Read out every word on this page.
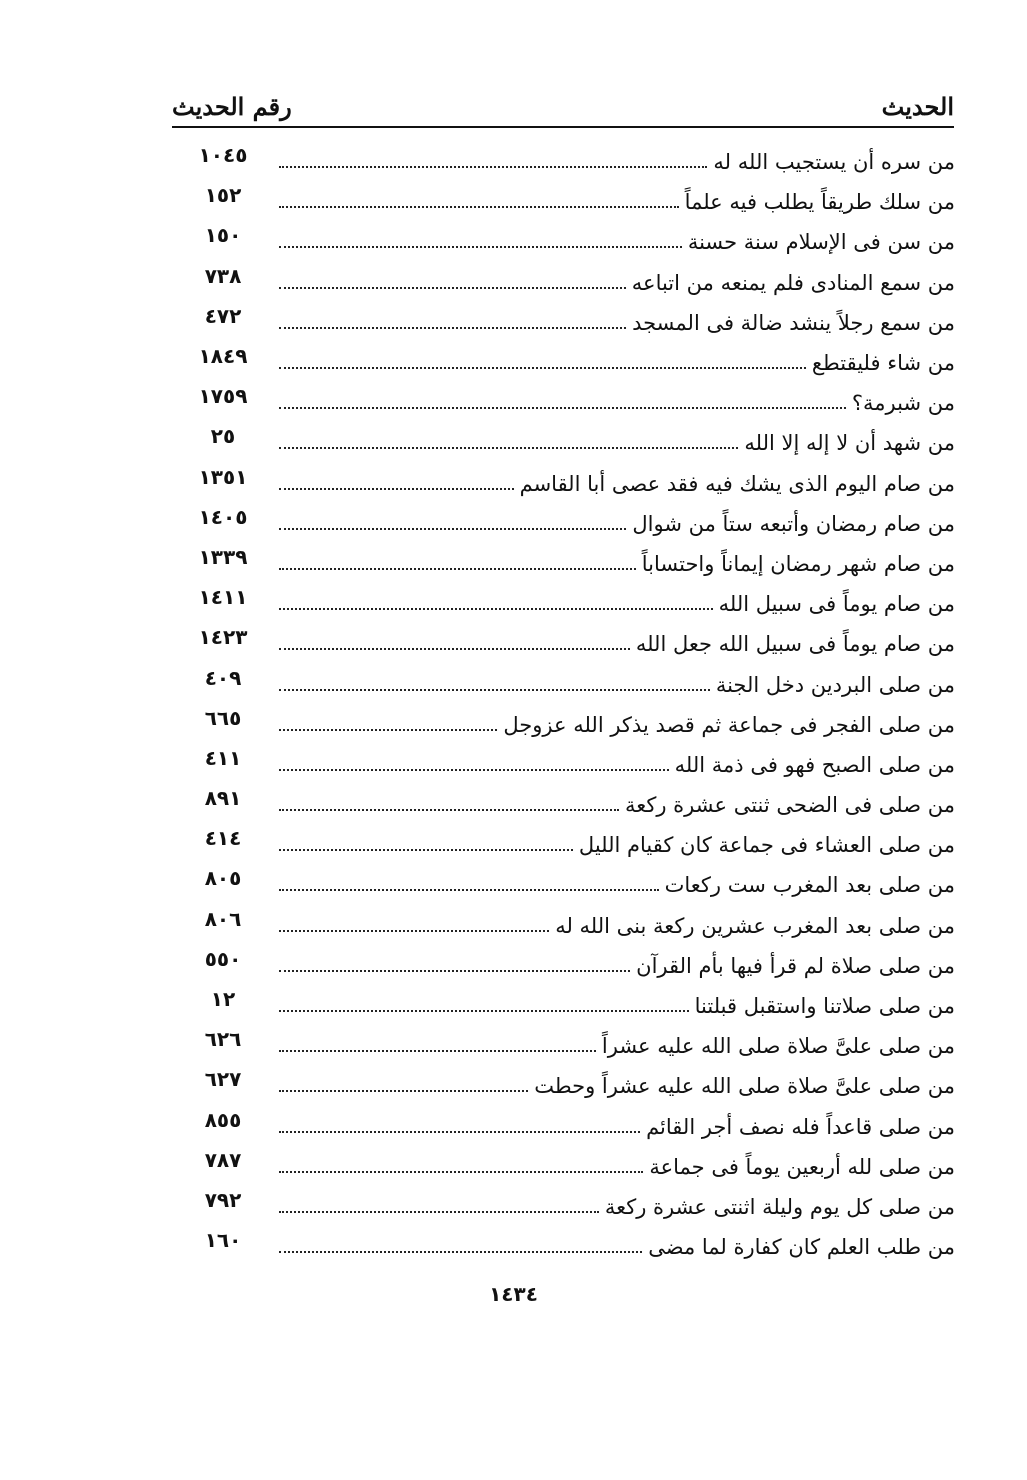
رقم الحديث	الحديث
من سره أن يستجيب الله له
١٠٤٥
من سلك طريقاً يطلب فيه علماً
١٥٢
من سن فى الإسلام سنة حسنة
١٥٠
من سمع المنادى فلم يمنعه من اتباعه
٧٣٨
من سمع رجلاً ينشد ضالة فى المسجد
٤٧٢
من شاء فليقتطع
١٨٤٩
من شبرمة؟
١٧٥٩
من شهد أن لا إله إلا الله
٢٥
من صام اليوم الذى يشك فيه فقد عصى أبا القاسم
١٣٥١
من صام رمضان وأتبعه ستاً من شوال
١٤٠٥
من صام شهر رمضان إيماناً واحتساباً
١٣٣٩
من صام يوماً فى سبيل الله
١٤١١
من صام يوماً فى سبيل الله جعل الله
١٤٢٣
من صلى البردين دخل الجنة
٤٠٩
من صلى الفجر فى جماعة ثم قصد يذكر الله عزوجل
٦٦٥
من صلى الصبح فهو فى ذمة الله
٤١١
من صلى فى الضحى ثنتى عشرة ركعة
٨٩١
من صلى العشاء فى جماعة كان كقيام الليل
٤١٤
من صلى بعد المغرب ست ركعات
٨٠٥
من صلى بعد المغرب عشرين ركعة بنى الله له
٨٠٦
من صلى صلاة لم قرأ فيها بأم القرآن
٥٥٠
من صلى صلاتنا واستقبل قبلتنا
١٢
من صلى علىَّ صلاة صلى الله عليه عشراً
٦٢٦
من صلى علىَّ صلاة صلى الله عليه عشراً وحطت
٦٢٧
من صلى قاعداً فله نصف أجر القائم
٨٥٥
من صلى لله أربعين يوماً فى جماعة
٧٨٧
من صلى كل يوم وليلة اثنتى عشرة ركعة
٧٩٢
من طلب العلم كان كفارة لما مضى
١٦٠
١٤٣٤
